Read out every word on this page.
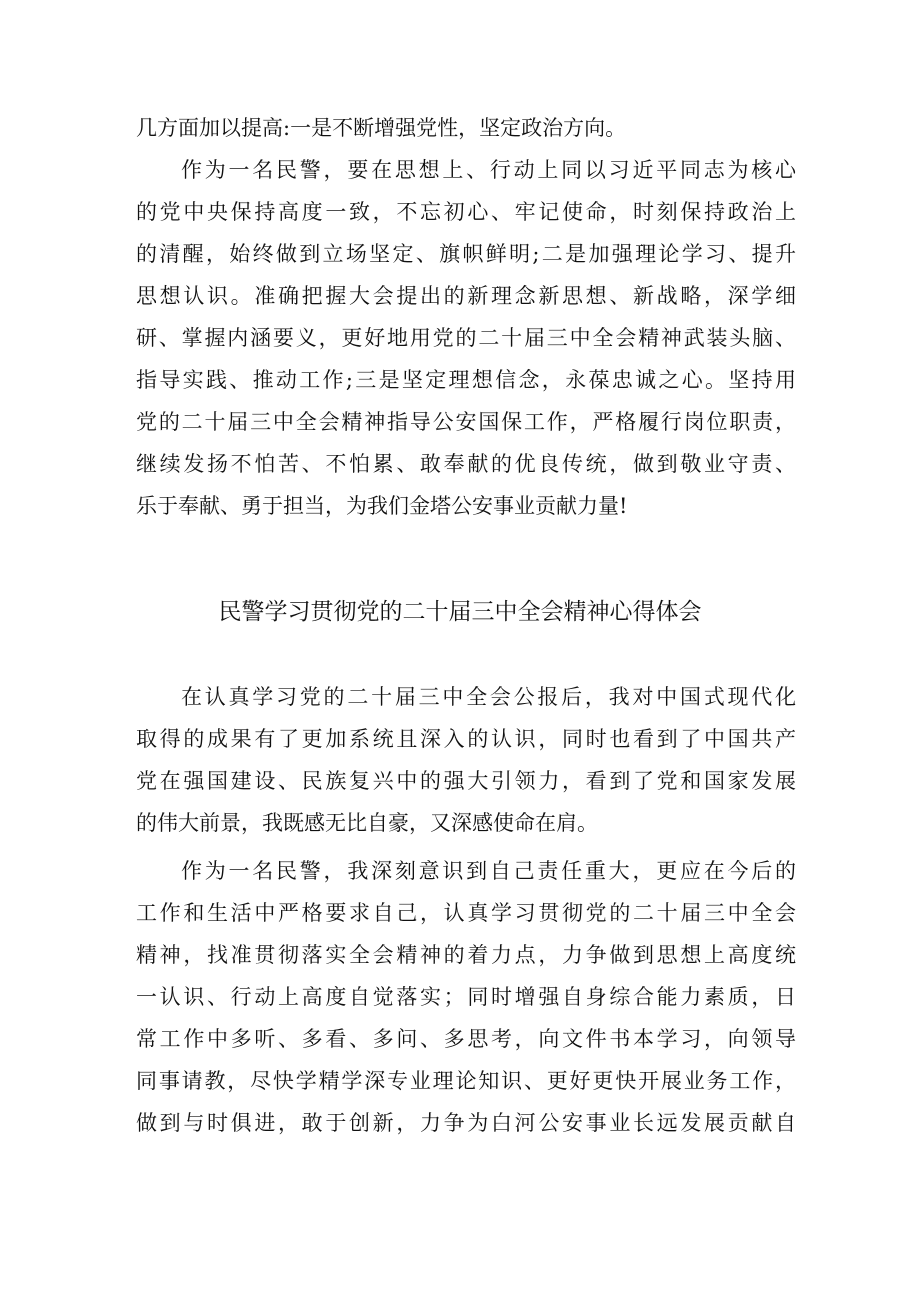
几方面加以提高:一是不断增强党性，坚定政治方向。
作为一名民警，要在思想上、行动上同以习近平同志为核心
的党中央保持高度一致，不忘初心、牢记使命，时刻保持政治上
的清醒，始终做到立场坚定、旗帜鲜明;二是加强理论学习、提升
思想认识。准确把握大会提出的新理念新思想、新战略，深学细
研、掌握内涵要义，更好地用党的二十届三中全会精神武装头脑、
指导实践、推动工作;三是坚定理想信念，永葆忠诚之心。坚持用
党的二十届三中全会精神指导公安国保工作，严格履行岗位职责，
继续发扬不怕苦、不怕累、敢奉献的优良传统，做到敬业守责、
乐于奉献、勇于担当，为我们金塔公安事业贡献力量!
民警学习贯彻党的二十届三中全会精神心得体会
在认真学习党的二十届三中全会公报后，我对中国式现代化
取得的成果有了更加系统且深入的认识，同时也看到了中国共产
党在强国建设、民族复兴中的强大引领力，看到了党和国家发展
的伟大前景，我既感无比自豪，又深感使命在肩。
作为一名民警，我深刻意识到自己责任重大，更应在今后的
工作和生活中严格要求自己，认真学习贯彻党的二十届三中全会
精神，找准贯彻落实全会精神的着力点，力争做到思想上高度统
一认识、行动上高度自觉落实；同时增强自身综合能力素质，日
常工作中多听、多看、多问、多思考，向文件书本学习，向领导
同事请教，尽快学精学深专业理论知识、更好更快开展业务工作，
做到与时俱进，敢于创新，力争为白河公安事业长远发展贡献自
